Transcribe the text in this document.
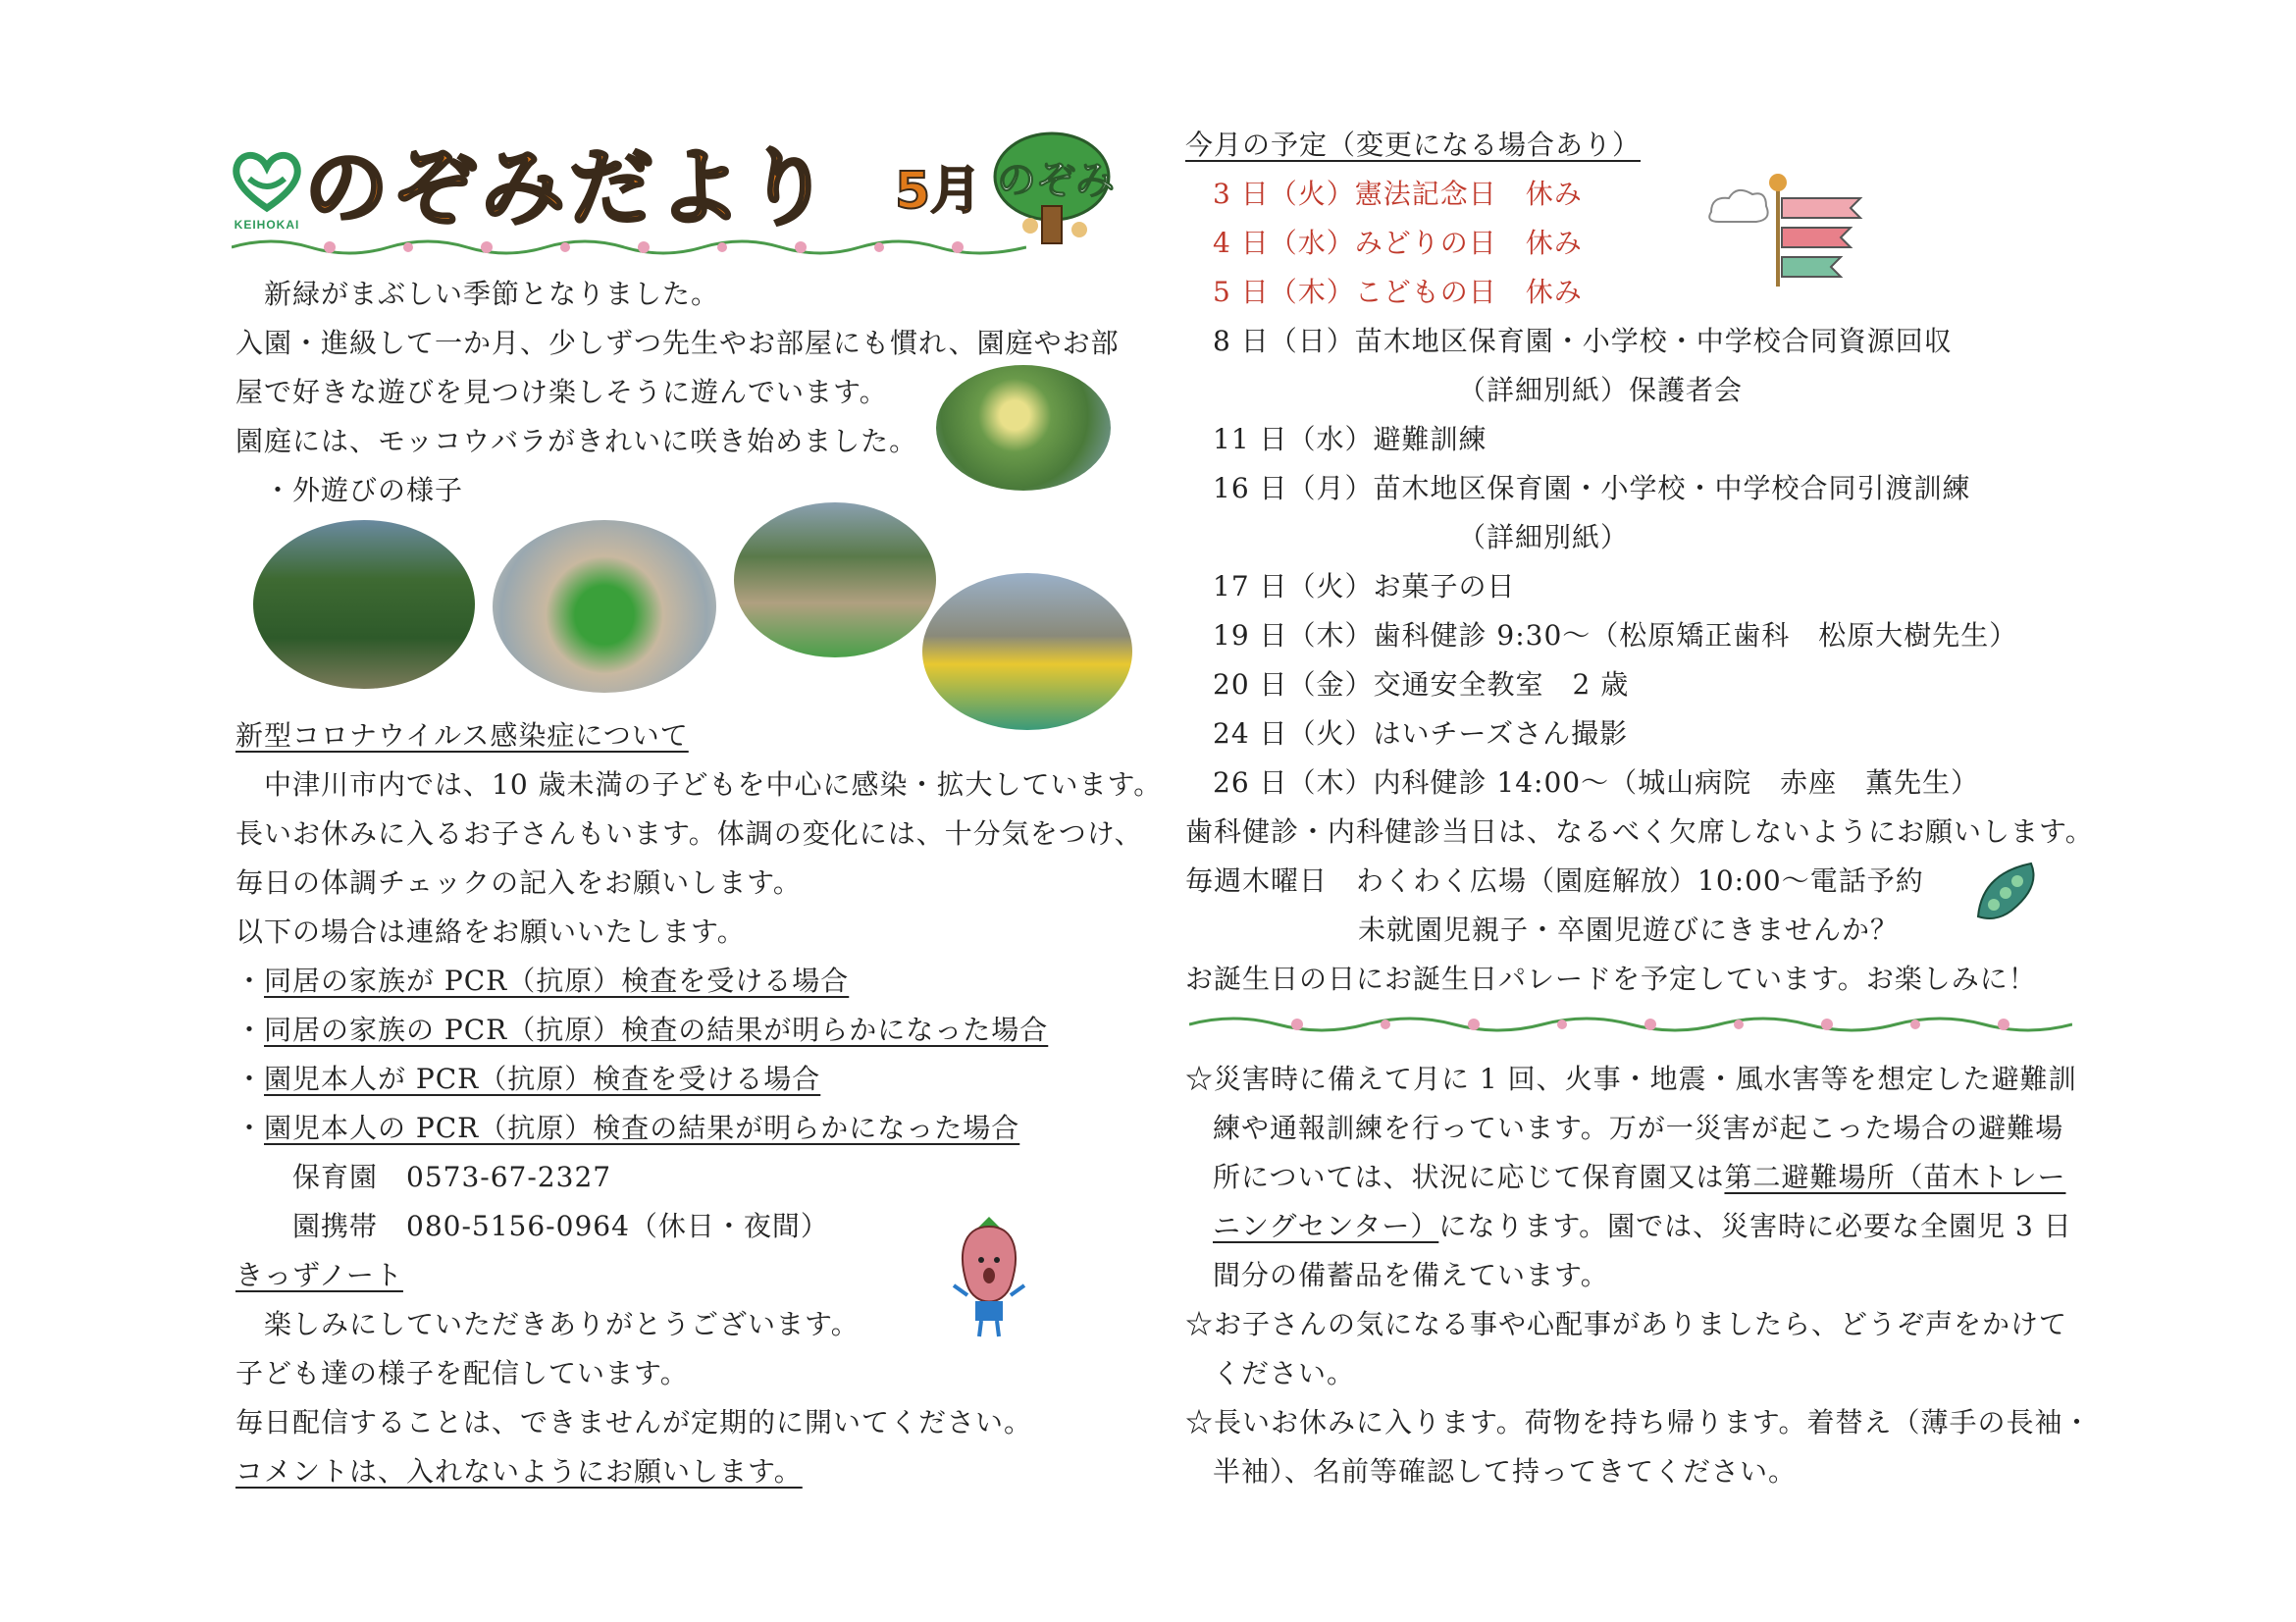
KEIHOKAI のぞみだより 5月 のぞみ
　新緑がまぶしい季節となりました。
入園・進級して一か月、少しずつ先生やお部屋にも慣れ、園庭やお部
屋で好きな遊びを見つけ楽しそうに遊んでいます。
園庭には、モッコウバラがきれいに咲き始めました。
　・外遊びの様子
新型コロナウイルス感染症について
　中津川市内では、10 歳未満の子どもを中心に感染・拡大しています。
長いお休みに入るお子さんもいます。体調の変化には、十分気をつけ、
毎日の体調チェックの記入をお願いします。
以下の場合は連絡をお願いいたします。
・同居の家族が PCR（抗原）検査を受ける場合
・同居の家族の PCR（抗原）検査の結果が明らかになった場合
・園児本人が PCR（抗原）検査を受ける場合
・園児本人の PCR（抗原）検査の結果が明らかになった場合
保育園　0573-67-2327
園携帯　080-5156-0964（休日・夜間）
きっずノート
　楽しみにしていただきありがとうございます。
子ども達の様子を配信しています。
毎日配信することは、できませんが定期的に開いてください。
コメントは、入れないようにお願いします。
今月の予定（変更になる場合あり）
3 日（火）憲法記念日　休み
4 日（水）みどりの日　休み
5 日（木）こどもの日　休み
8 日（日）苗木地区保育園・小学校・中学校合同資源回収
（詳細別紙）保護者会
11 日（水）避難訓練
16 日（月）苗木地区保育園・小学校・中学校合同引渡訓練
（詳細別紙）
17 日（火）お菓子の日
19 日（木）歯科健診 9:30〜（松原矯正歯科　松原大樹先生）
20 日（金）交通安全教室　2 歳
24 日（火）はいチーズさん撮影
26 日（木）内科健診 14:00〜（城山病院　赤座　薫先生）
歯科健診・内科健診当日は、なるべく欠席しないようにお願いします。
毎週木曜日　わくわく広場（園庭解放）10:00〜電話予約
未就園児親子・卒園児遊びにきませんか？
お誕生日の日にお誕生日パレードを予定しています。お楽しみに！
☆災害時に備えて月に 1 回、火事・地震・風水害等を想定した避難訓
練や通報訓練を行っています。万が一災害が起こった場合の避難場
所については、状況に応じて保育園又は第二避難場所（苗木トレー
ニングセンター）になります。園では、災害時に必要な全園児 3 日
間分の備蓄品を備えています。
☆お子さんの気になる事や心配事がありましたら、どうぞ声をかけて
ください。
☆長いお休みに入ります。荷物を持ち帰ります。着替え（薄手の長袖・
半袖）、名前等確認して持ってきてください。
